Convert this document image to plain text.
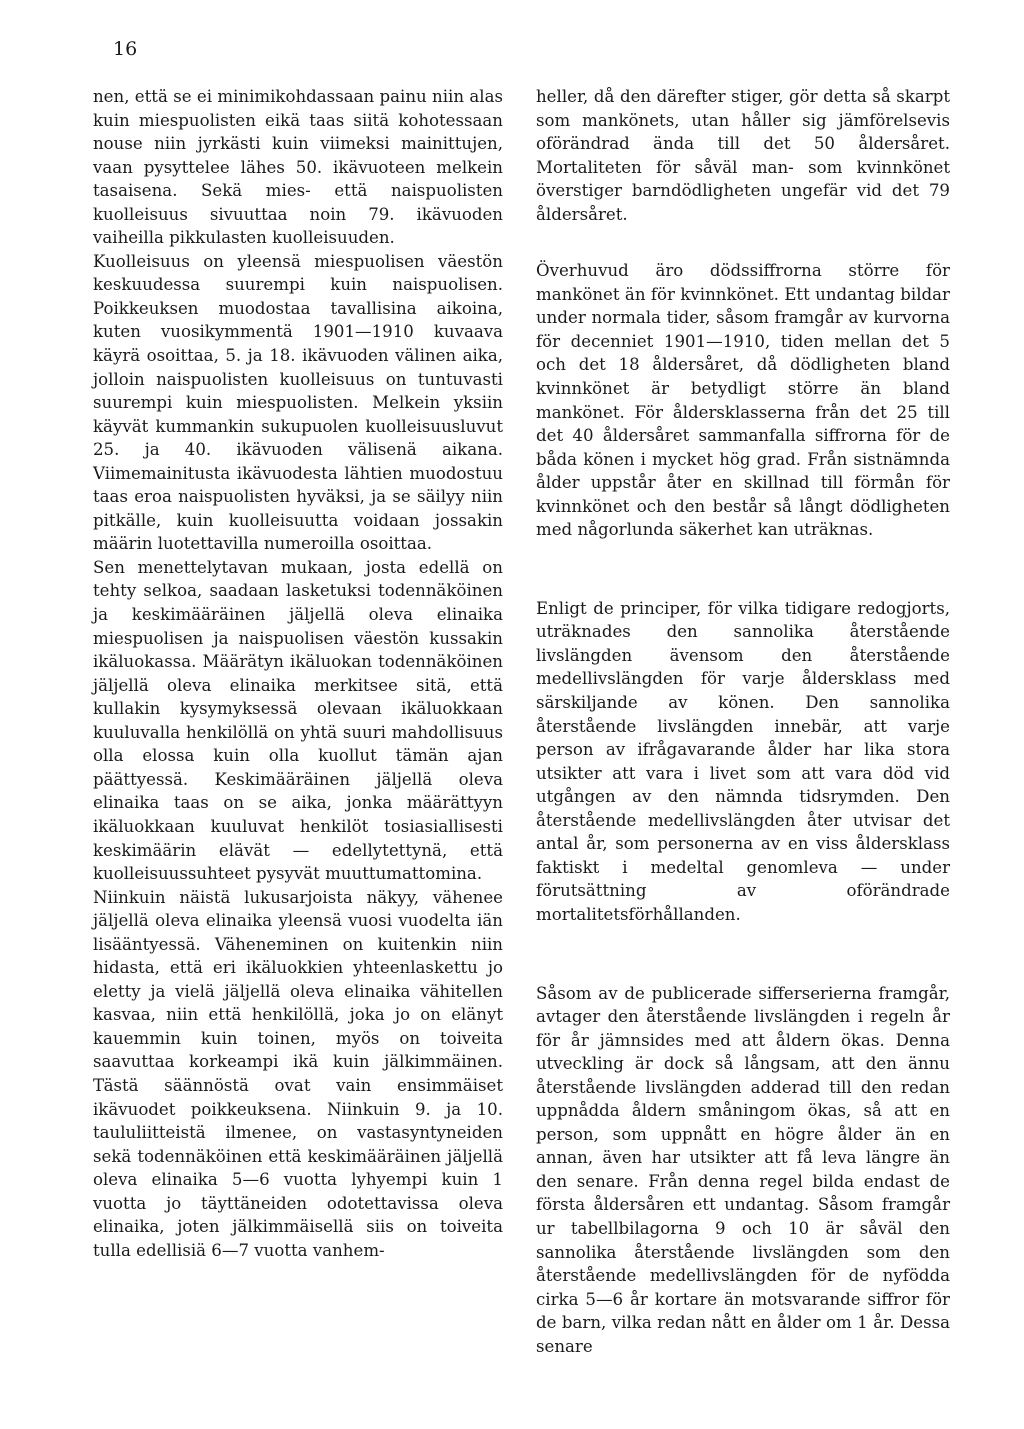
16

nen, että se ei minimikohdassaan painu niin alas kuin miespuolisten eikä taas siitä kohotessaan nouse niin jyrkästi kuin viimeksi mainittujen, vaan pysyttelee lähes 50. ikävuoteen melkein tasaisena. Sekä mies- että naispuolisten kuolleisuus sivuuttaa noin 79. ikävuoden vaiheilla pikkulasten kuolleisuuden.

Kuolleisuus on yleensä miespuolisen väestön keskuudessa suurempi kuin naispuolisen. Poikkeuksen muodostaa tavallisina aikoina, kuten vuosikymmentä 1901—1910 kuvaava käyrä osoittaa, 5. ja 18. ikävuoden välinen aika, jolloin naispuolisten kuolleisuus on tuntuvasti suurempi kuin miespuolisten. Melkein yksiin käyvät kummankin sukupuolen kuolleisuusluvut 25. ja 40. ikävuoden välisenä aikana. Viimemainitusta ikävuodesta lähtien muodostuu taas eroa naispuolisten hyväksi, ja se säilyy niin pitkälle, kuin kuolleisuutta voidaan jossakin määrin luotettavilla numeroilla osoittaa.

Sen menettelytavan mukaan, josta edellä on tehty selkoa, saadaan lasketuksi todennäköinen ja keskimääräinen jäljellä oleva elinaika miespuolisen ja naispuolisen väestön kussakin ikäluokassa. Määrätyn ikäluokan todennäköinen jäljellä oleva elinaika merkitsee sitä, että kullakin kysymyksessä olevaan ikäluokkaan kuuluvalla henkilöllä on yhtä suuri mahdollisuus olla elossa kuin olla kuollut tämän ajan päättyessä. Keskimääräinen jäljellä oleva elinaika taas on se aika, jonka määrättyyn ikäluokkaan kuuluvat henkilöt tosiasiallisesti keskimäärin elävät — edellytettynä, että kuolleisuussuhteet pysyvät muuttumattomina.

Niinkuin näistä lukusarjoista näkyy, vähenee jäljellä oleva elinaika yleensä vuosi vuodelta iän lisääntyessä. Väheneminen on kuitenkin niin hidasta, että eri ikäluokkien yhteenlaskettu jo eletty ja vielä jäljellä oleva elinaika vähitellen kasvaa, niin että henkilöllä, joka jo on elänyt kauemmin kuin toinen, myös on toiveita saavuttaa korkeampi ikä kuin jälkimmäinen. Tästä säännöstä ovat vain ensimmäiset ikävuodet poikkeuksena. Niinkuin 9. ja 10. taululiitteistä ilmenee, on vastasyntyneiden sekä todennäköinen että keskimääräinen jäljellä oleva elinaika 5—6 vuotta lyhyempi kuin 1 vuotta jo täyttäneiden odotettavissa oleva elinaika, joten jälkimmäisellä siis on toiveita tulla edellisiä 6—7 vuotta vanhem-

heller, då den därefter stiger, gör detta så skarpt som mankönets, utan håller sig jämförelsevis oförändrad ända till det 50 åldersåret. Mortaliteten för såväl man- som kvinnkönet överstiger barndödligheten ungefär vid det 79 åldersåret.

Överhuvud äro dödssiffrorna större för mankönet än för kvinnkönet. Ett undantag bildar under normala tider, såsom framgår av kurvorna för decenniet 1901—1910, tiden mellan det 5 och det 18 åldersåret, då dödligheten bland kvinnkönet är betydligt större än bland mankönet. För åldersklasserna från det 25 till det 40 åldersåret sammanfalla siffrorna för de båda könen i mycket hög grad. Från sistnämnda ålder uppstår åter en skillnad till förmån för kvinnkönet och den består så långt dödligheten med någorlunda säkerhet kan uträknas.

Enligt de principer, för vilka tidigare redogjorts, uträknades den sannolika återstående livslängden ävensom den återstående medellivslängden för varje åldersklass med särskiljande av könen. Den sannolika återstående livslängden innebär, att varje person av ifrågavarande ålder har lika stora utsikter att vara i livet som att vara död vid utgången av den nämnda tidsrymden. Den återstående medellivslängden åter utvisar det antal år, som personerna av en viss åldersklass faktiskt i medeltal genomleva — under förutsättning av oförändrade mortalitetsförhållanden.

Såsom av de publicerade sifferserierna framgår, avtager den återstående livslängden i regeln år för år jämnsides med att åldern ökas. Denna utveckling är dock så långsam, att den ännu återstående livslängden adderad till den redan uppnådda åldern småningom ökas, så att en person, som uppnått en högre ålder än en annan, även har utsikter att få leva längre än den senare. Från denna regel bilda endast de första åldersåren ett undantag. Såsom framgår ur tabellbilagorna 9 och 10 är såväl den sannolika återstående livslängden som den återstående medellivslängden för de nyfödda cirka 5—6 år kortare än motsvarande siffror för de barn, vilka redan nått en ålder om 1 år. Dessa senare
